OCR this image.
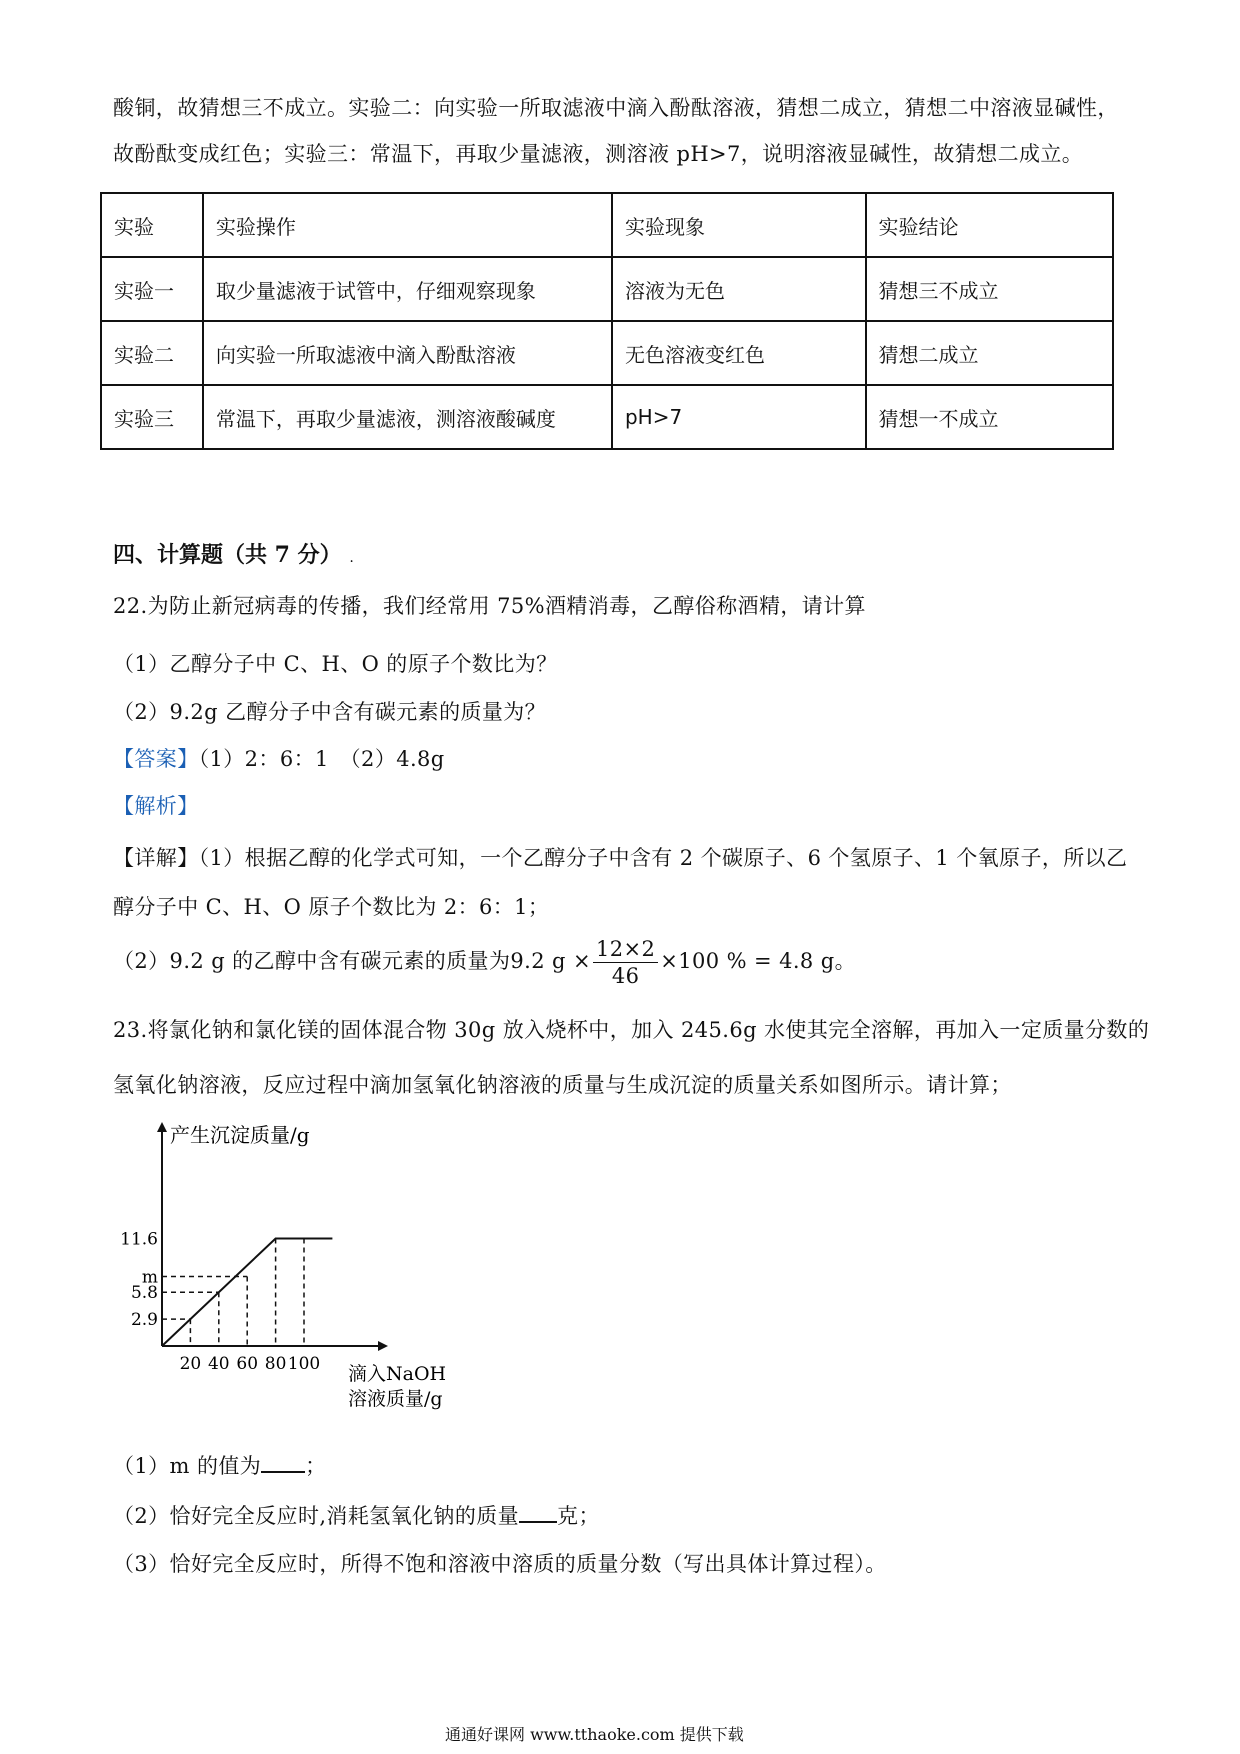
酸铜，故猜想三不成立。实验二：向实验一所取滤液中滴入酚酞溶液，猜想二成立，猜想二中溶液显碱性，
故酚酞变成红色；实验三：常温下，再取少量滤液，测溶液 pH>7，说明溶液显碱性，故猜想二成立。
实验	实验操作	实验现象	实验结论
实验一	取少量滤液于试管中，仔细观察现象	溶液为无色	猜想三不成立
实验二	向实验一所取滤液中滴入酚酞溶液	无色溶液变红色	猜想二成立
实验三	常温下，再取少量滤液，测溶液酸碱度	pH>7	猜想一不成立
四、计算题（共 7 分） .
22.为防止新冠病毒的传播，我们经常用 75%酒精消毒，乙醇俗称酒精，请计算
（1）乙醇分子中 C、H、O 的原子个数比为？
（2）9.2g 乙醇分子中含有碳元素的质量为？
【答案】（1）2：6：1　（2）4.8g
【解析】
【详解】（1）根据乙醇的化学式可知，一个乙醇分子中含有 2 个碳原子、6 个氢原子、1 个氧原子，所以乙
醇分子中 C、H、O 原子个数比为 2：6：1；
（2）9.2 g 的乙醇中含有碳元素的质量为9.2 $g \times \frac{12\times 2}{46} \times 100$ % = 4.8 g。
23.将氯化钠和氯化镁的固体混合物 30g 放入烧杯中，加入 245.6g 水使其完全溶解，再加入一定质量分数的
氢氧化钠溶液，反应过程中滴加氢氧化钠溶液的质量与生成沉淀的质量关系如图所示。请计算；
产生沉淀质量/g
滴入NaOH
溶液质量/g
20 40 60 80 100
11.6
m
5.8
2.9
（1）m 的值为 ；
（2）恰好完全反应时,消耗氢氧化钠的质量 克；
（3）恰好完全反应时，所得不饱和溶液中溶质的质量分数（写出具体计算过程）。
通通好课网 www.tthaoke.com 提供下载
